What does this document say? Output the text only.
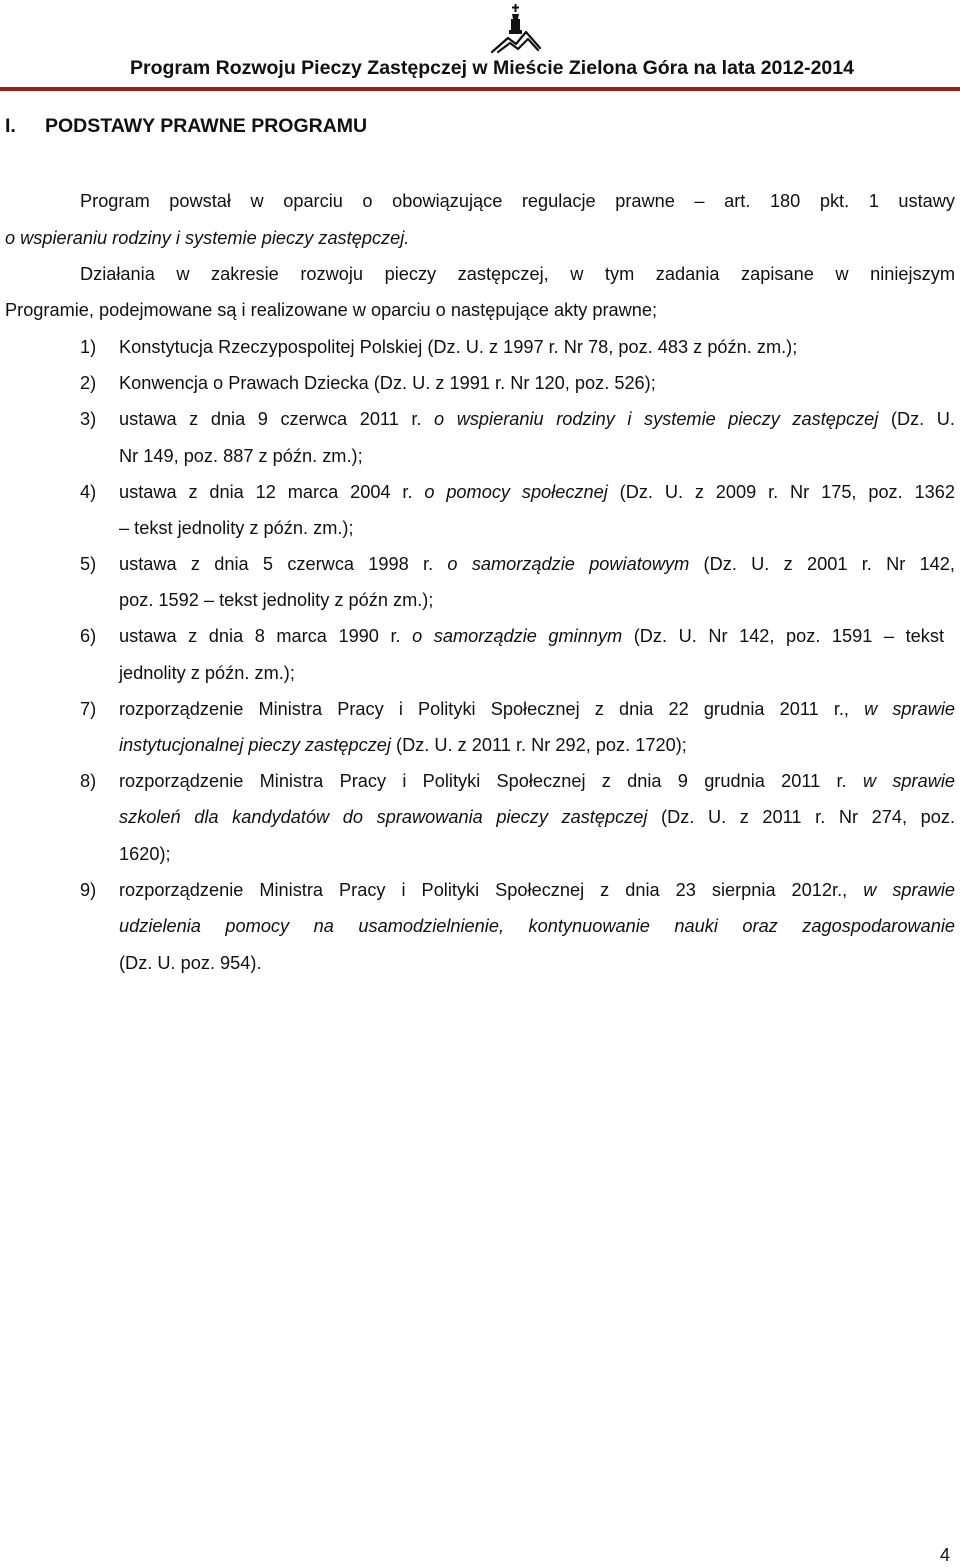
Program Rozwoju Pieczy Zastępczej w Mieście Zielona Góra na lata 2012-2014
I. PODSTAWY PRAWNE PROGRAMU
Program powstał w oparciu o obowiązujące regulacje prawne – art. 180 pkt. 1 ustawy
o wspieraniu rodziny i systemie pieczy zastępczej.
Działania w zakresie rozwoju pieczy zastępczej, w tym zadania zapisane w niniejszym
Programie, podejmowane są i realizowane w oparciu o następujące akty prawne;
1) Konstytucja Rzeczypospolitej Polskiej (Dz. U. z 1997 r. Nr 78, poz. 483 z późn. zm.);
2) Konwencja o Prawach Dziecka (Dz. U. z 1991 r. Nr 120, poz. 526);
3) ustawa z dnia 9 czerwca 2011 r. o wspieraniu rodziny i systemie pieczy zastępczej (Dz. U.
Nr 149, poz. 887 z późn. zm.);
4) ustawa z dnia 12 marca 2004 r. o pomocy społecznej (Dz. U. z 2009 r. Nr 175, poz. 1362
– tekst jednolity z późn. zm.);
5) ustawa z dnia 5 czerwca 1998 r. o samorządzie powiatowym (Dz. U. z 2001 r. Nr 142,
poz. 1592 – tekst jednolity z późn zm.);
6) ustawa z dnia 8 marca 1990 r. o samorządzie gminnym (Dz. U. Nr 142, poz. 1591 – tekst
jednolity z późn. zm.);
7) rozporządzenie Ministra Pracy i Polityki Społecznej z dnia 22 grudnia 2011 r., w sprawie
instytucjonalnej pieczy zastępczej (Dz. U. z 2011 r. Nr 292, poz. 1720);
8) rozporządzenie Ministra Pracy i Polityki Społecznej z dnia 9 grudnia 2011 r. w sprawie
szkoleń dla kandydatów do sprawowania pieczy zastępczej (Dz. U. z 2011 r. Nr 274, poz.
1620);
9) rozporządzenie Ministra Pracy i Polityki Społecznej z dnia 23 sierpnia 2012r., w sprawie
udzielenia pomocy na usamodzielnienie, kontynuowanie nauki oraz zagospodarowanie
(Dz. U. poz. 954).
4
